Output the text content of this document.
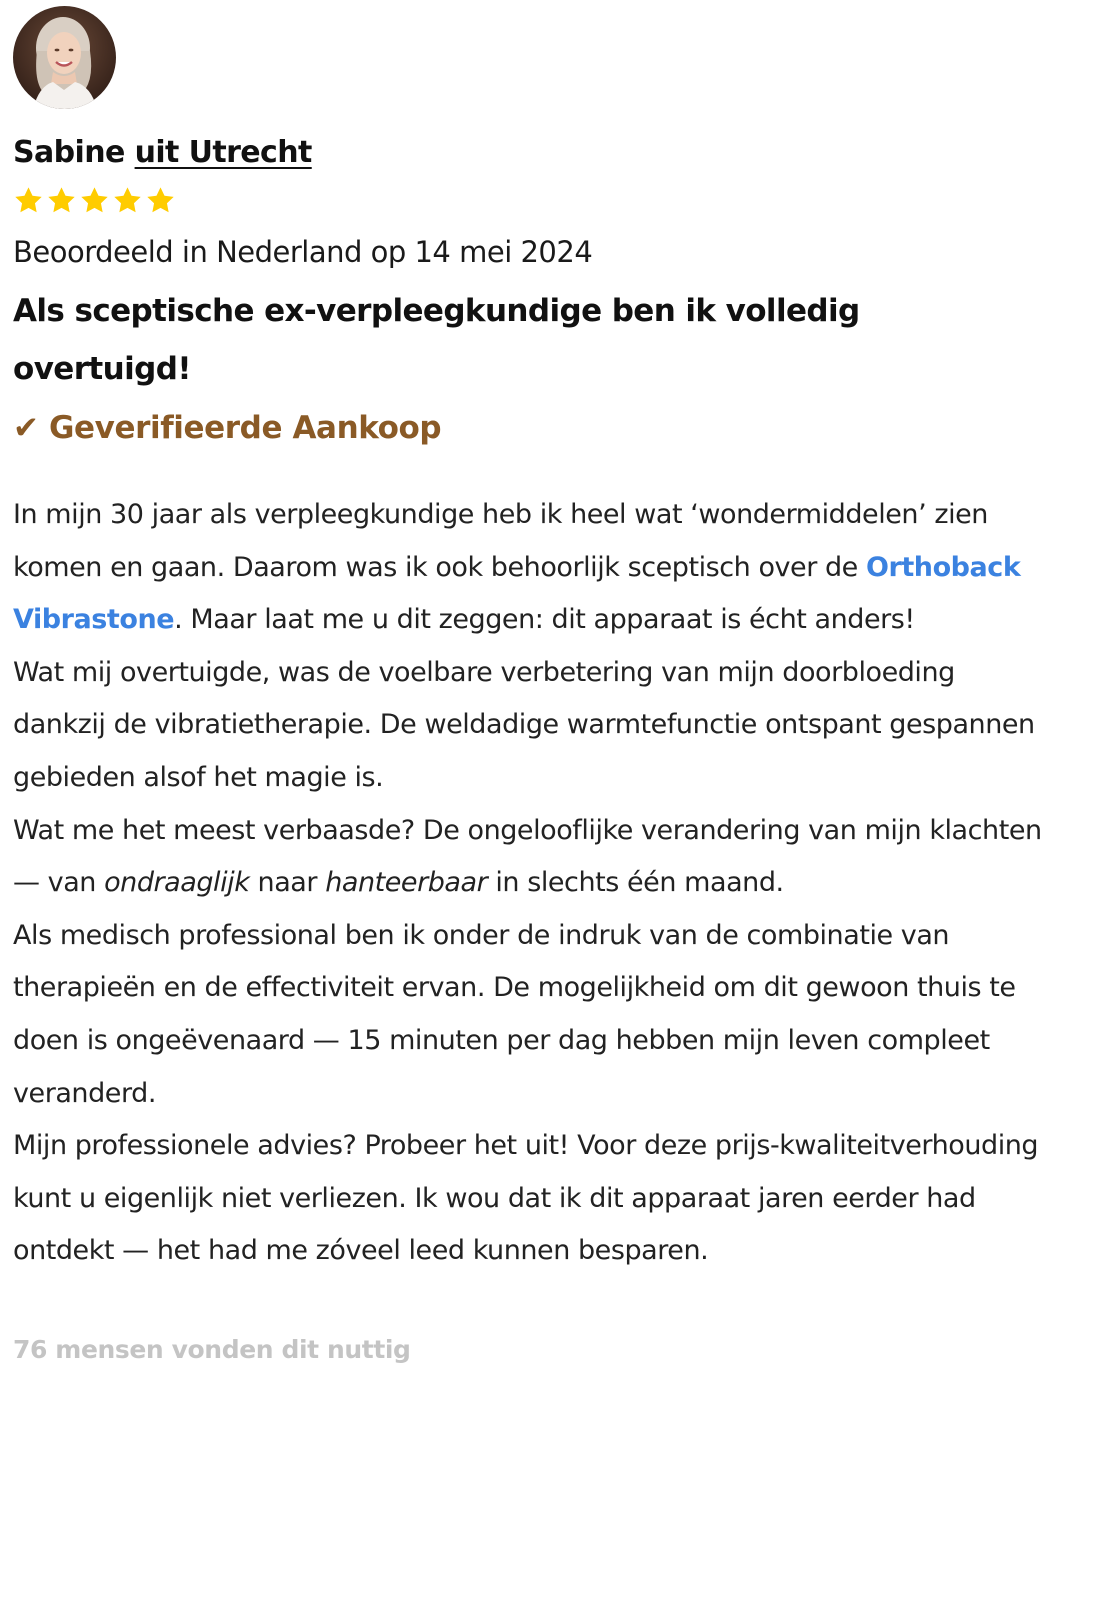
Sabine uit Utrecht
Beoordeeld in Nederland op 14 mei 2024
Als sceptische ex-verpleegkundige ben ik volledig overtuigd!
✔ Geverifieerde Aankoop

In mijn 30 jaar als verpleegkundige heb ik heel wat ‘wondermiddelen’ zien komen en gaan. Daarom was ik ook behoorlijk sceptisch over de Orthoback Vibrastone. Maar laat me u dit zeggen: dit apparaat is écht anders!

Wat mij overtuigde, was de voelbare verbetering van mijn doorbloeding dankzij de vibratietherapie. De weldadige warmtefunctie ontspant gespannen gebieden alsof het magie is.

Wat me het meest verbaasde? De ongelooflijke verandering van mijn klachten — van ondraaglijk naar hanteerbaar in slechts één maand.

Als medisch professional ben ik onder de indruk van de combinatie van therapieën en de effectiviteit ervan. De mogelijkheid om dit gewoon thuis te doen is ongeëvenaard — 15 minuten per dag hebben mijn leven compleet veranderd.

Mijn professionele advies? Probeer het uit! Voor deze prijs-kwaliteitverhouding kunt u eigenlijk niet verliezen. Ik wou dat ik dit apparaat jaren eerder had ontdekt — het had me zóveel leed kunnen besparen.

76 mensen vonden dit nuttig
